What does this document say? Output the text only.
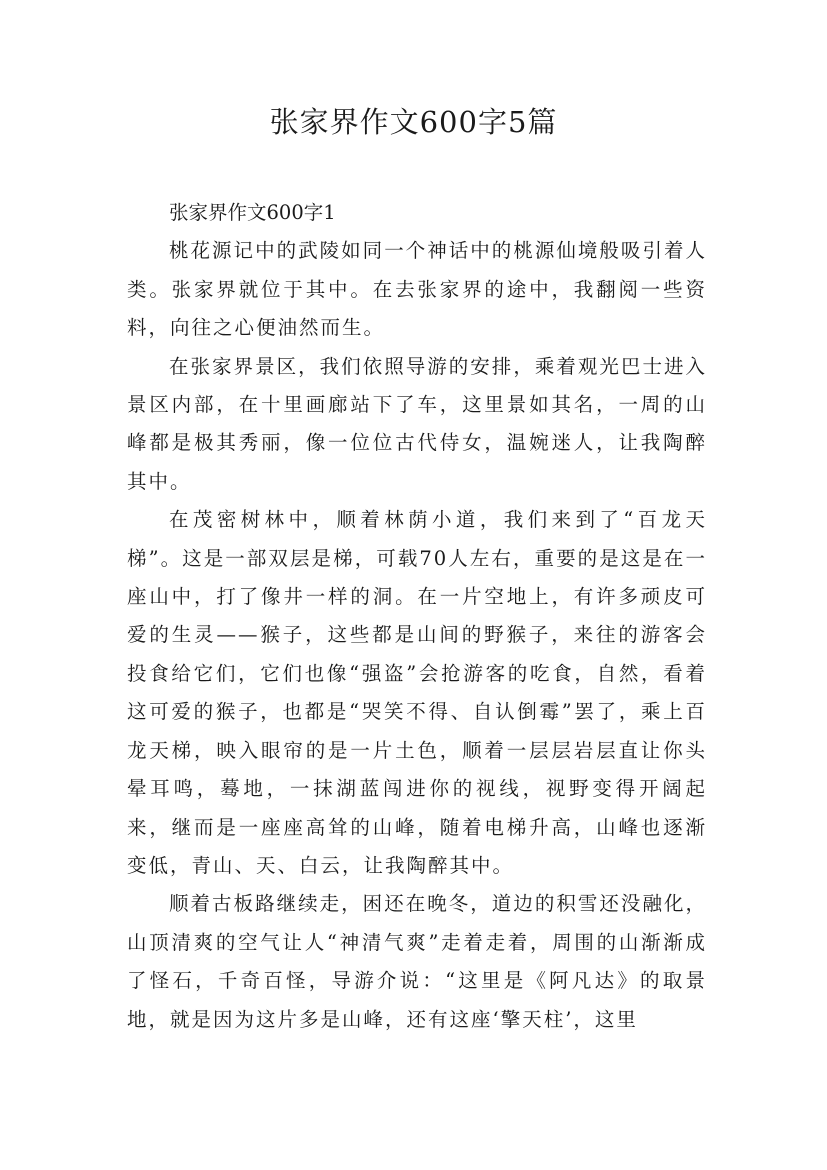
张家界作文600字5篇

张家界作文600字1

桃花源记中的武陵如同一个神话中的桃源仙境般吸引着人类。张家界就位于其中。在去张家界的途中，我翻阅一些资料，向往之心便油然而生。

在张家界景区，我们依照导游的安排，乘着观光巴士进入景区内部，在十里画廊站下了车，这里景如其名，一周的山峰都是极其秀丽，像一位位古代侍女，温婉迷人，让我陶醉其中。

在茂密树林中，顺着林荫小道，我们来到了“百龙天梯”。这是一部双层是梯，可载70人左右，重要的是这是在一座山中，打了像井一样的洞。在一片空地上，有许多顽皮可爱的生灵——猴子，这些都是山间的野猴子，来往的游客会投食给它们，它们也像“强盗”会抢游客的吃食，自然，看着这可爱的猴子，也都是“哭笑不得、自认倒霉”罢了，乘上百龙天梯，映入眼帘的是一片土色，顺着一层层岩层直让你头晕耳鸣，蓦地，一抹湖蓝闯进你的视线，视野变得开阔起来，继而是一座座高耸的山峰，随着电梯升高，山峰也逐渐变低，青山、天、白云，让我陶醉其中。

顺着古板路继续走，困还在晚冬，道边的积雪还没融化，山顶清爽的空气让人“神清气爽”走着走着，周围的山渐渐成了怪石，千奇百怪，导游介说：“这里是《阿凡达》的取景地，就是因为这片多是山峰，还有这座‘擎天柱’，这里
